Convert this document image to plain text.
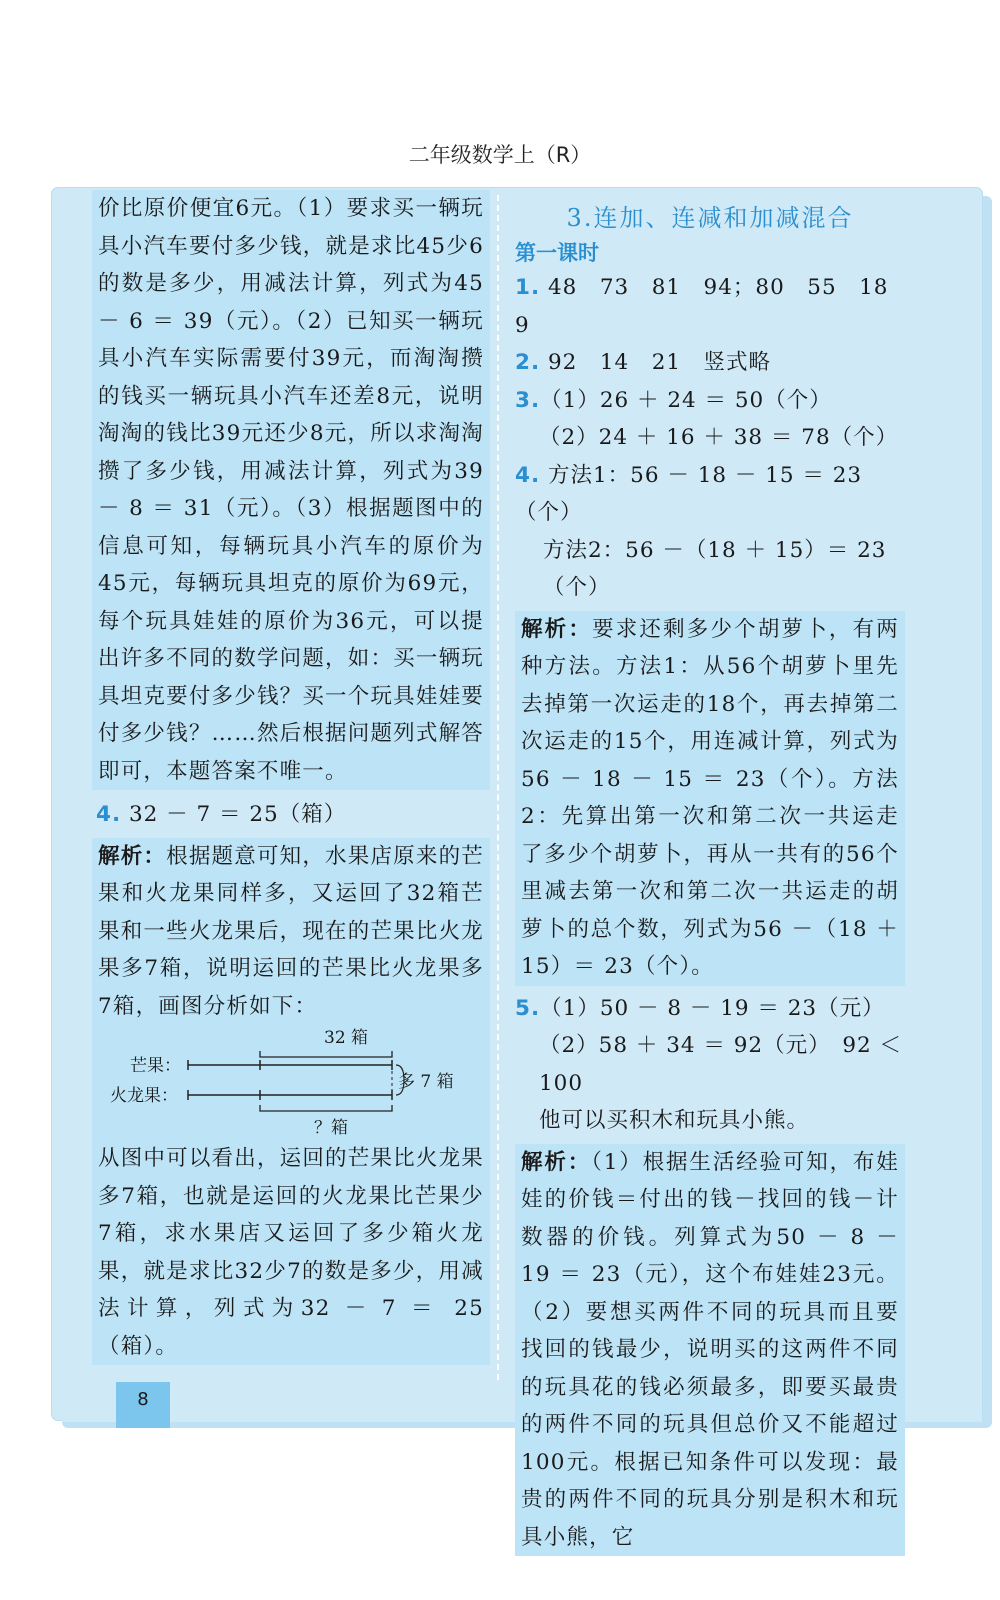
二年级数学上（R）

价比原价便宜6元。（1）要求买一辆玩具小汽车要付多少钱，就是求比45少6的数是多少，用减法计算，列式为45 － 6 ＝ 39（元）。（2）已知买一辆玩具小汽车实际需要付39元，而淘淘攒的钱买一辆玩具小汽车还差8元，说明淘淘的钱比39元还少8元，所以求淘淘攒了多少钱，用减法计算，列式为39 － 8 ＝ 31（元）。（3）根据题图中的信息可知，每辆玩具小汽车的原价为45元，每辆玩具坦克的原价为69元，每个玩具娃娃的原价为36元，可以提出许多不同的数学问题，如：买一辆玩具坦克要付多少钱？买一个玩具娃娃要付多少钱？……然后根据问题列式解答即可，本题答案不唯一。

4. 32 － 7 ＝ 25（箱）

解析：根据题意可知，水果店原来的芒果和火龙果同样多，又运回了32箱芒果和一些火龙果后，现在的芒果比火龙果多7箱，说明运回的芒果比火龙果多7箱，画图分析如下：

32 箱
芒果：
火龙果：
多 7 箱
？箱

从图中可以看出，运回的芒果比火龙果多7箱，也就是运回的火龙果比芒果少7箱，求水果店又运回了多少箱火龙果，就是求比32少7的数是多少，用减法计算，列式为32 － 7 ＝ 25（箱）。

3.连加、连减和加减混合
第一课时

1. 48　73　81　94；80　55　18　9

2. 92　14　21　竖式略

3.（1）26 ＋ 24 ＝ 50（个）

（2）24 ＋ 16 ＋ 38 ＝ 78（个）

4. 方法1：56 － 18 － 15 ＝ 23（个）

方法2：56 －（18 ＋ 15）＝ 23（个）

解析：要求还剩多少个胡萝卜，有两种方法。方法1：从56个胡萝卜里先去掉第一次运走的18个，再去掉第二次运走的15个，用连减计算，列式为56 － 18 － 15 ＝ 23（个）。方法2：先算出第一次和第二次一共运走了多少个胡萝卜，再从一共有的56个里减去第一次和第二次一共运走的胡萝卜的总个数，列式为56 －（18 ＋ 15）＝ 23（个）。

5.（1）50 － 8 － 19 ＝ 23（元）

（2）58 ＋ 34 ＝ 92（元）　92 ＜ 100

他可以买积木和玩具小熊。

解析：（1）根据生活经验可知，布娃娃的价钱＝付出的钱－找回的钱－计数器的价钱。列算式为50 － 8 － 19 ＝ 23（元），这个布娃娃23元。（2）要想买两件不同的玩具而且要找回的钱最少，说明买的这两件不同的玩具花的钱必须最多，即要买最贵的两件不同的玩具但总价又不能超过100元。根据已知条件可以发现：最贵的两件不同的玩具分别是积木和玩具小熊，它

8
